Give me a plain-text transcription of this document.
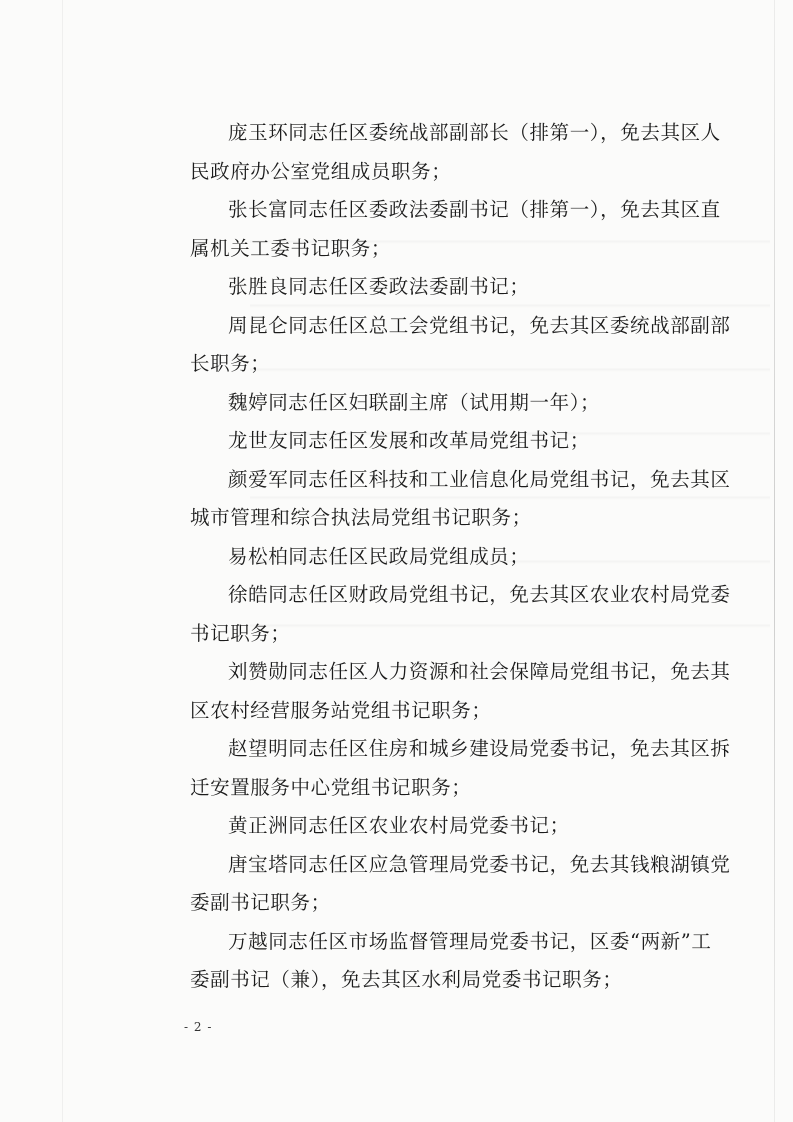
庞玉环同志任区委统战部副部长（排第一），免去其区人
民政府办公室党组成员职务；

张长富同志任区委政法委副书记（排第一），免去其区直
属机关工委书记职务；

张胜良同志任区委政法委副书记；

周昆仑同志任区总工会党组书记，免去其区委统战部副部
长职务；

魏婷同志任区妇联副主席（试用期一年）；

龙世友同志任区发展和改革局党组书记；

颜爱军同志任区科技和工业信息化局党组书记，免去其区
城市管理和综合执法局党组书记职务；

易松柏同志任区民政局党组成员；

徐皓同志任区财政局党组书记，免去其区农业农村局党委
书记职务；

刘赞勋同志任区人力资源和社会保障局党组书记，免去其
区农村经营服务站党组书记职务；

赵望明同志任区住房和城乡建设局党委书记，免去其区拆
迁安置服务中心党组书记职务；

黄正洲同志任区农业农村局党委书记；

唐宝塔同志任区应急管理局党委书记，免去其钱粮湖镇党
委副书记职务；

万越同志任区市场监督管理局党委书记，区委“两新”工
委副书记（兼），免去其区水利局党委书记职务；

- 2 -
